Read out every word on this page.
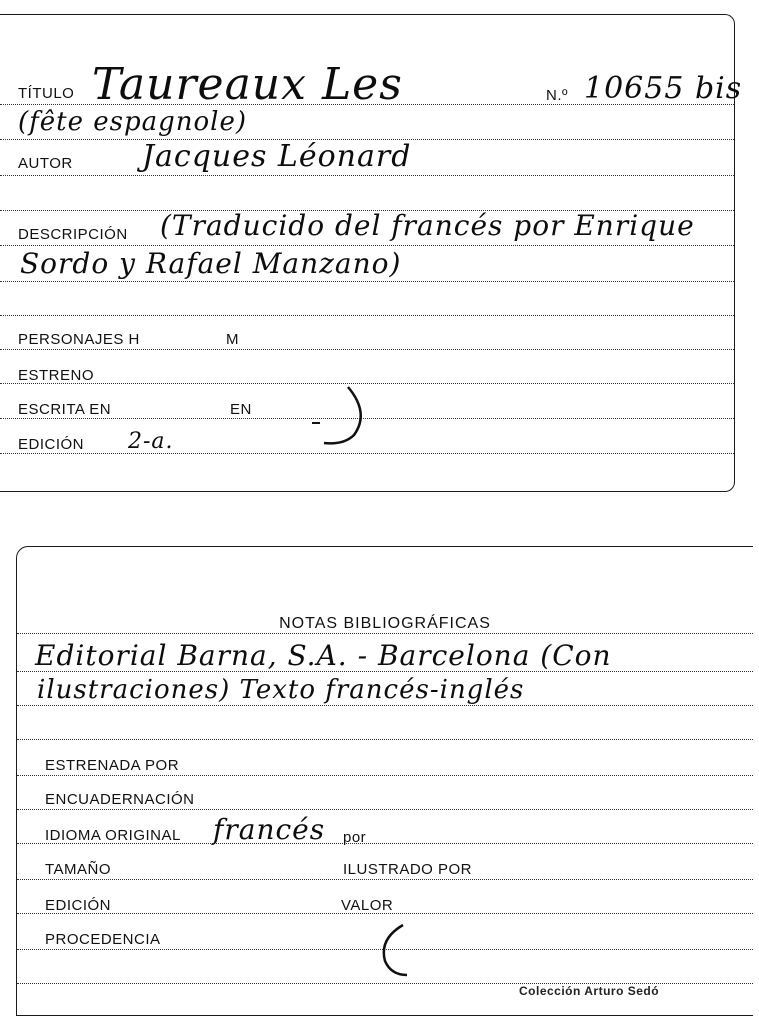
TÍTULO Taureaux Les	N.º 10655 bis
(fête espagnole)
AUTOR Jacques Léonard
DESCRIPCIÓN (Traducido del francés por Enrique
Sordo y Rafael Manzano)
PERSONAJES H	M
ESTRENO
ESCRITA EN	EN
EDICIÓN 2-a.
NOTAS BIBLIOGRÁFICAS
Editorial Barna, S.A. - Barcelona (Con
ilustraciones) Texto francés-inglés
ESTRENADA POR
ENCUADERNACIÓN
IDIOMA ORIGINAL francés por
TAMAÑO	ILUSTRADO POR
EDICIÓN	VALOR
PROCEDENCIA
Colección Arturo Sedó
